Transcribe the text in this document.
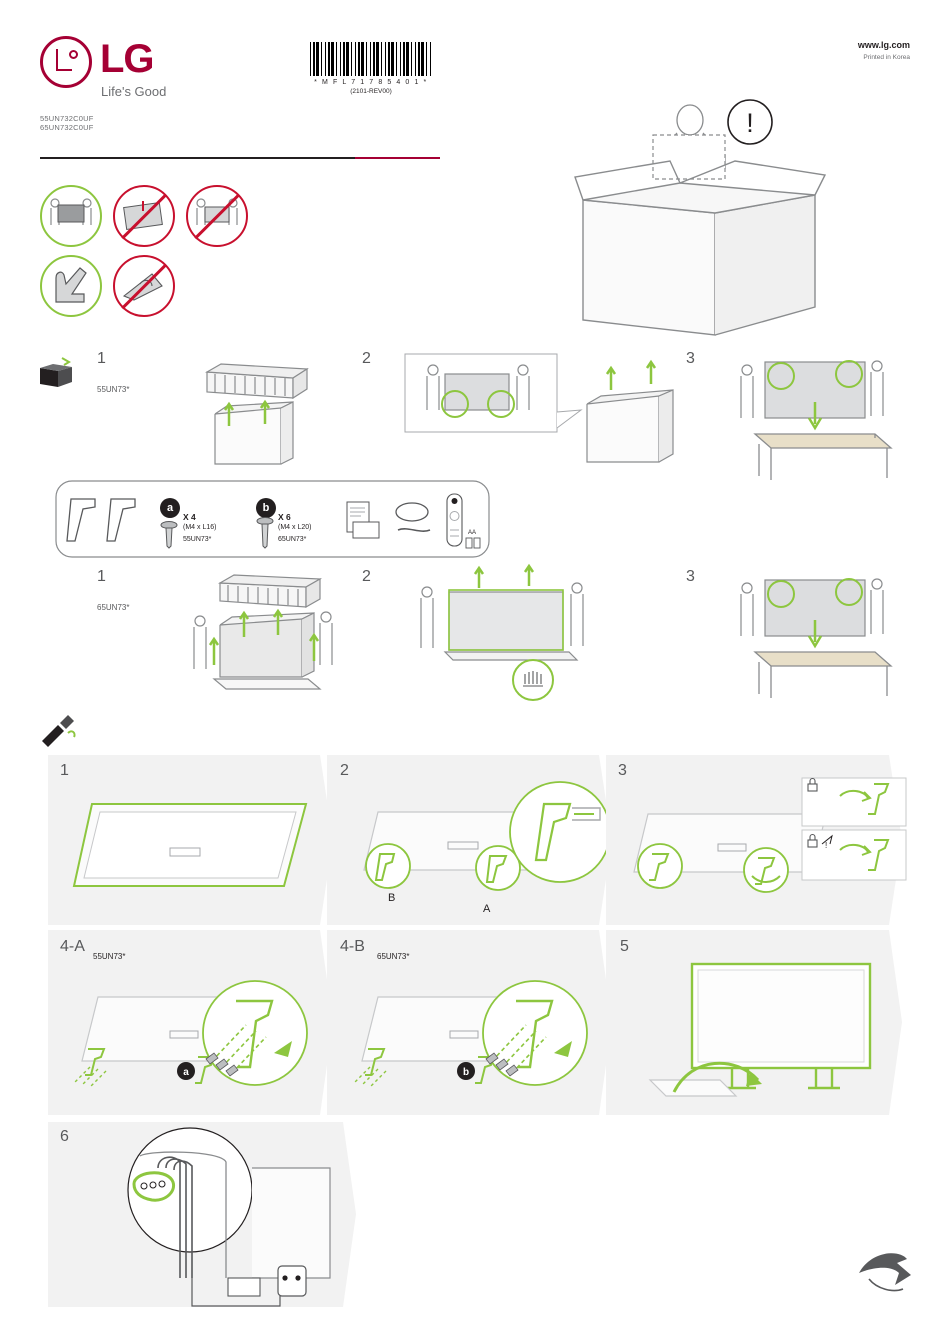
LG
Life's Good
55UN732C0UF
65UN732C0UF
* M F L 7 1 7 8 5 4 0 1 *
(2101-REV00)
www.lg.com
Printed in Korea
!
1
55UN73*
2	3
a
X 4
(M4 x L16)
55UN73*
b
X 6
(M4 x L20)
65UN73*
AA
1
65UN73*
2	3
1	2
B
A
3
!
4-A
55UN73*
a
4-B
65UN73*
b
5
6
